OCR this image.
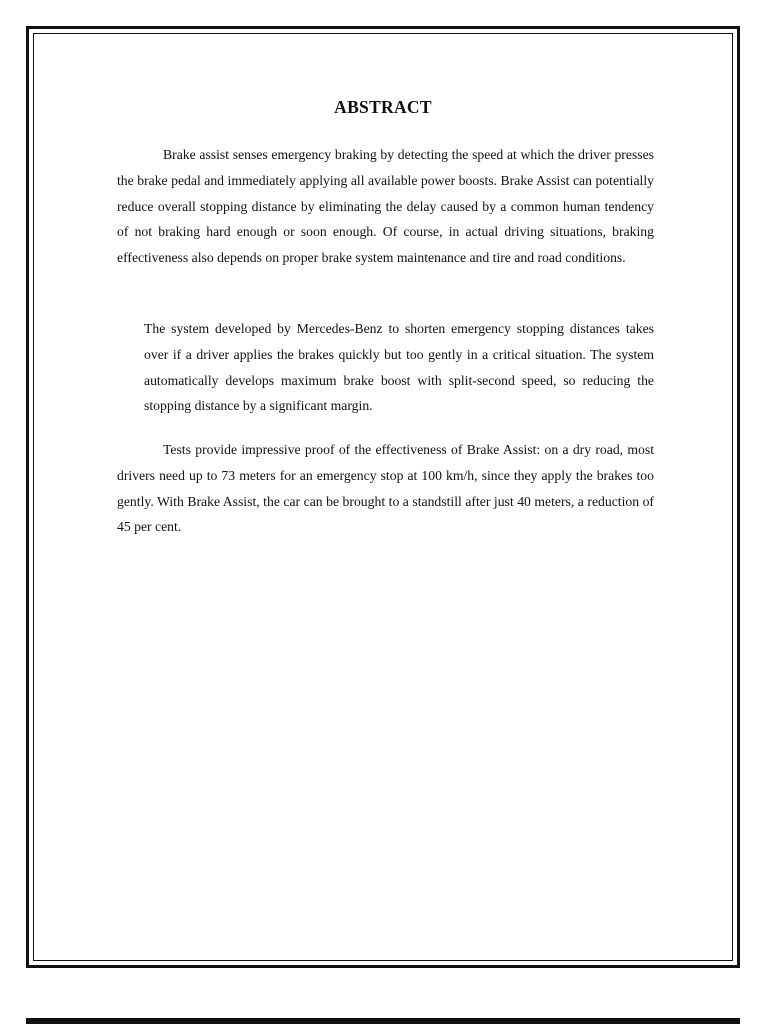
ABSTRACT

Brake assist senses emergency braking by detecting the speed at which the driver presses the brake pedal and immediately applying all available power boosts. Brake Assist can potentially reduce overall stopping distance by eliminating the delay caused by a common human tendency of not braking hard enough or soon enough. Of course, in actual driving situations, braking effectiveness also depends on proper brake system maintenance and tire and road conditions.

The system developed by Mercedes-Benz to shorten emergency stopping distances takes over if a driver applies the brakes quickly but too gently in a critical situation. The system automatically develops maximum brake boost with split-second speed, so reducing the stopping distance by a significant margin.

Tests provide impressive proof of the effectiveness of Brake Assist: on a dry road, most drivers need up to 73 meters for an emergency stop at 100 km/h, since they apply the brakes too gently. With Brake Assist, the car can be brought to a standstill after just 40 meters, a reduction of 45 per cent.
